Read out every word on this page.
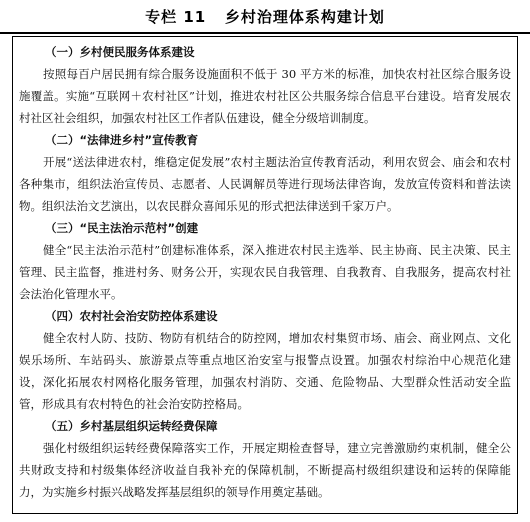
专栏 11   乡村治理体系构建计划
（一）乡村便民服务体系建设

按照每百户居民拥有综合服务设施面积不低于 30 平方米的标准，加快农村社区综合服务设施覆盖。实施“互联网＋农村社区”计划，推进农村社区公共服务综合信息平台建设。培育发展农村社区社会组织，加强农村社区工作者队伍建设，健全分级培训制度。

（二）“法律进乡村”宣传教育

开展“送法律进农村，维稳定促发展”农村主题法治宣传教育活动，利用农贸会、庙会和农村各种集市，组织法治宣传员、志愿者、人民调解员等进行现场法律咨询，发放宣传资料和普法读物。组织法治文艺演出，以农民群众喜闻乐见的形式把法律送到千家万户。

（三）“民主法治示范村”创建

健全“民主法治示范村”创建标准体系，深入推进农村民主选举、民主协商、民主决策、民主管理、民主监督，推进村务、财务公开，实现农民自我管理、自我教育、自我服务，提高农村社会法治化管理水平。

（四）农村社会治安防控体系建设

健全农村人防、技防、物防有机结合的防控网，增加农村集贸市场、庙会、商业网点、文化娱乐场所、车站码头、旅游景点等重点地区治安室与报警点设置。加强农村综治中心规范化建设，深化拓展农村网格化服务管理，加强农村消防、交通、危险物品、大型群众性活动安全监管，形成具有农村特色的社会治安防控格局。

（五）乡村基层组织运转经费保障

强化村级组织运转经费保障落实工作，开展定期检查督导，建立完善激励约束机制，健全公共财政支持和村级集体经济收益自我补充的保障机制，不断提高村级组织建设和运转的保障能力，为实施乡村振兴战略发挥基层组织的领导作用奠定基础。
